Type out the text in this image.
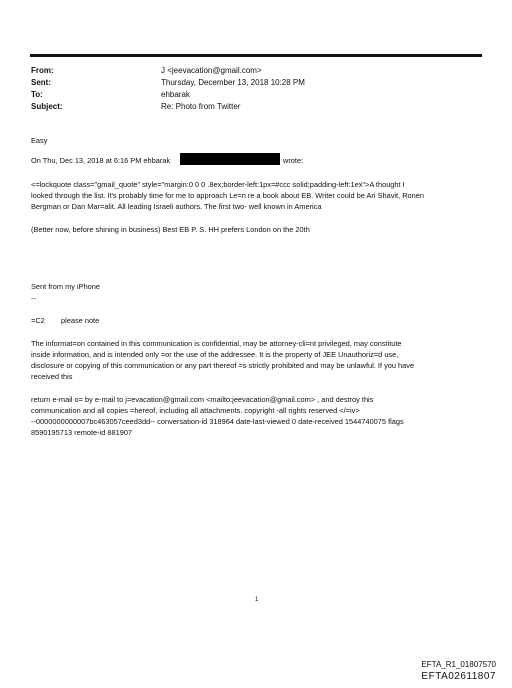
From:	J <jeevacation@gmail.com>
Sent:	Thursday, December 13, 2018 10:28 PM
To:	ehbarak
Subject:	Re: Photo from Twitter
Easy
On Thu, Dec 13, 2018 at 6:16 PM ehbarak	wrote:
<=lockquote class="gmail_quote" style="margin:0 0 0 .8ex;border-left:1px=#ccc solid;padding-left:1ex">A thought I
looked through the list. It's probably time for me to approach Le=n re a book about EB. Writer could be Ari Shavit, Ronen
Bergman or Dan Mar=alit. All leading Israeli authors. The first two- well known in America
(Better now, before shining in business) Best EB P. S. HH prefers London on the 20th
Sent from my iPhone
--
=C2 please note
The informat=on contained in this communication is confidential, may be attorney-cli=nt privileged, may constitute
inside information, and is intended only =or the use of the addressee. It is the property of JEE Unauthoriz=d use,
disclosure or copying of this communication or any part thereof =s strictly prohibited and may be unlawful. If you have
received this
return e-mail o= by e-mail to j=evacation@gmail.com <mailto:jeevacation@gmail.com> , and destroy this
communication and all copies =hereof, including all attachments. copyright -all rights reserved </=iv>
--0000000000007bc463057ceed3dd-- conversation-id 318964 date-last-viewed 0 date-received 1544740075 flags
8590195713 remote-id 881907
1
EFTA_R1_01807570
EFTA02611807
